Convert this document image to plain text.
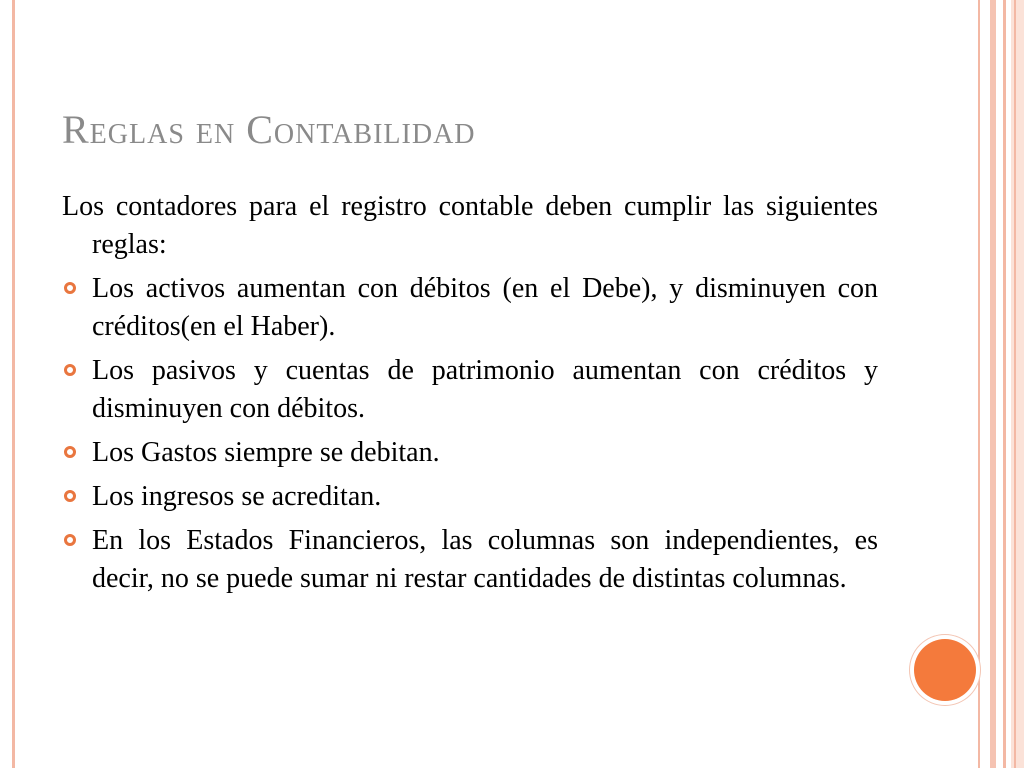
Reglas en Contabilidad

Los contadores para el registro contable deben cumplir las siguientes reglas:

Los activos aumentan con débitos (en el Debe), y disminuyen con créditos(en el Haber).
Los pasivos y cuentas de patrimonio aumentan con créditos y disminuyen con débitos.
Los Gastos siempre se debitan.
Los ingresos se acreditan.
En los Estados Financieros, las columnas son independientes, es decir, no se puede sumar ni restar cantidades de distintas columnas.
